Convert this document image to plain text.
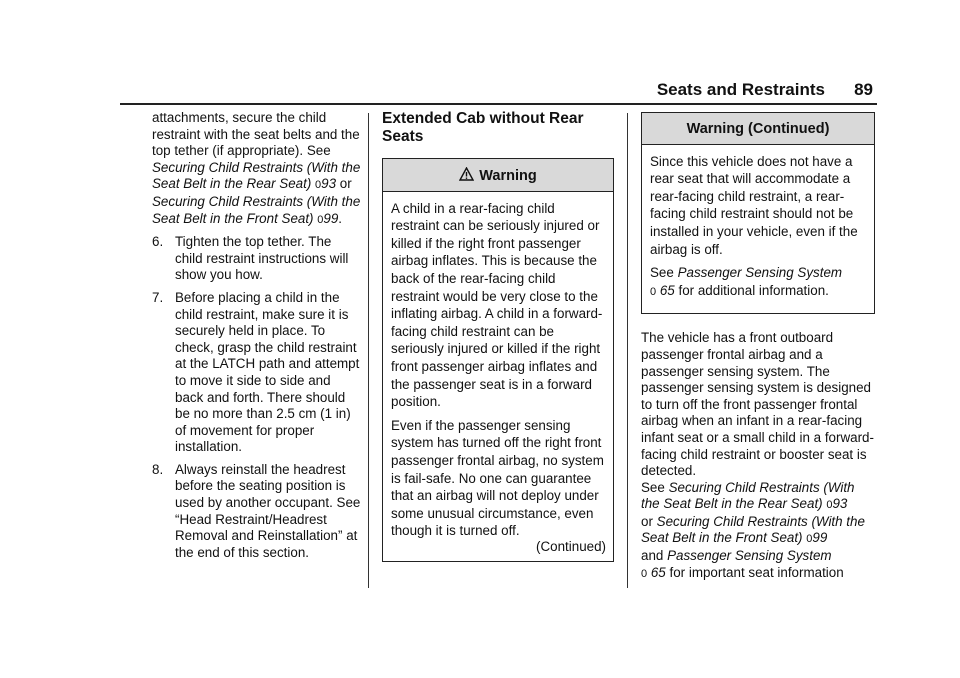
Seats and Restraints 89

attachments, secure the child restraint with the seat belts and the top tether (if appropriate). See Securing Child Restraints (With the Seat Belt in the Rear Seat) 093 or Securing Child Restraints (With the Seat Belt in the Front Seat) 099.

6. Tighten the top tether. The child restraint instructions will show you how.
7. Before placing a child in the child restraint, make sure it is securely held in place. To check, grasp the child restraint at the LATCH path and attempt to move it side to side and back and forth. There should be no more than 2.5 cm (1 in) of movement for proper installation.
8. Always reinstall the headrest before the seating position is used by another occupant. See “Head Restraint/Headrest Removal and Reinstallation” at the end of this section.
Extended Cab without Rear Seats
Warning

A child in a rear-facing child restraint can be seriously injured or killed if the right front passenger airbag inflates. This is because the back of the rear-facing child restraint would be very close to the inflating airbag. A child in a forward-facing child restraint can be seriously injured or killed if the right front passenger airbag inflates and the passenger seat is in a forward position.

Even if the passenger sensing system has turned off the right front passenger frontal airbag, no system is fail-safe. No one can guarantee that an airbag will not deploy under some unusual circumstance, even though it is turned off.

(Continued)
Warning (Continued)

Since this vehicle does not have a rear seat that will accommodate a rear-facing child restraint, a rear-facing child restraint should not be installed in your vehicle, even if the airbag is off.

See Passenger Sensing System
0 65 for additional information.

The vehicle has a front outboard passenger frontal airbag and a passenger sensing system. The passenger sensing system is designed to turn off the front passenger frontal airbag when an infant in a rear-facing infant seat or a small child in a forward-facing child restraint or booster seat is detected.
See Securing Child Restraints (With the Seat Belt in the Rear Seat) 093
or Securing Child Restraints (With the Seat Belt in the Front Seat) 099
and Passenger Sensing System
0 65 for important seat information
